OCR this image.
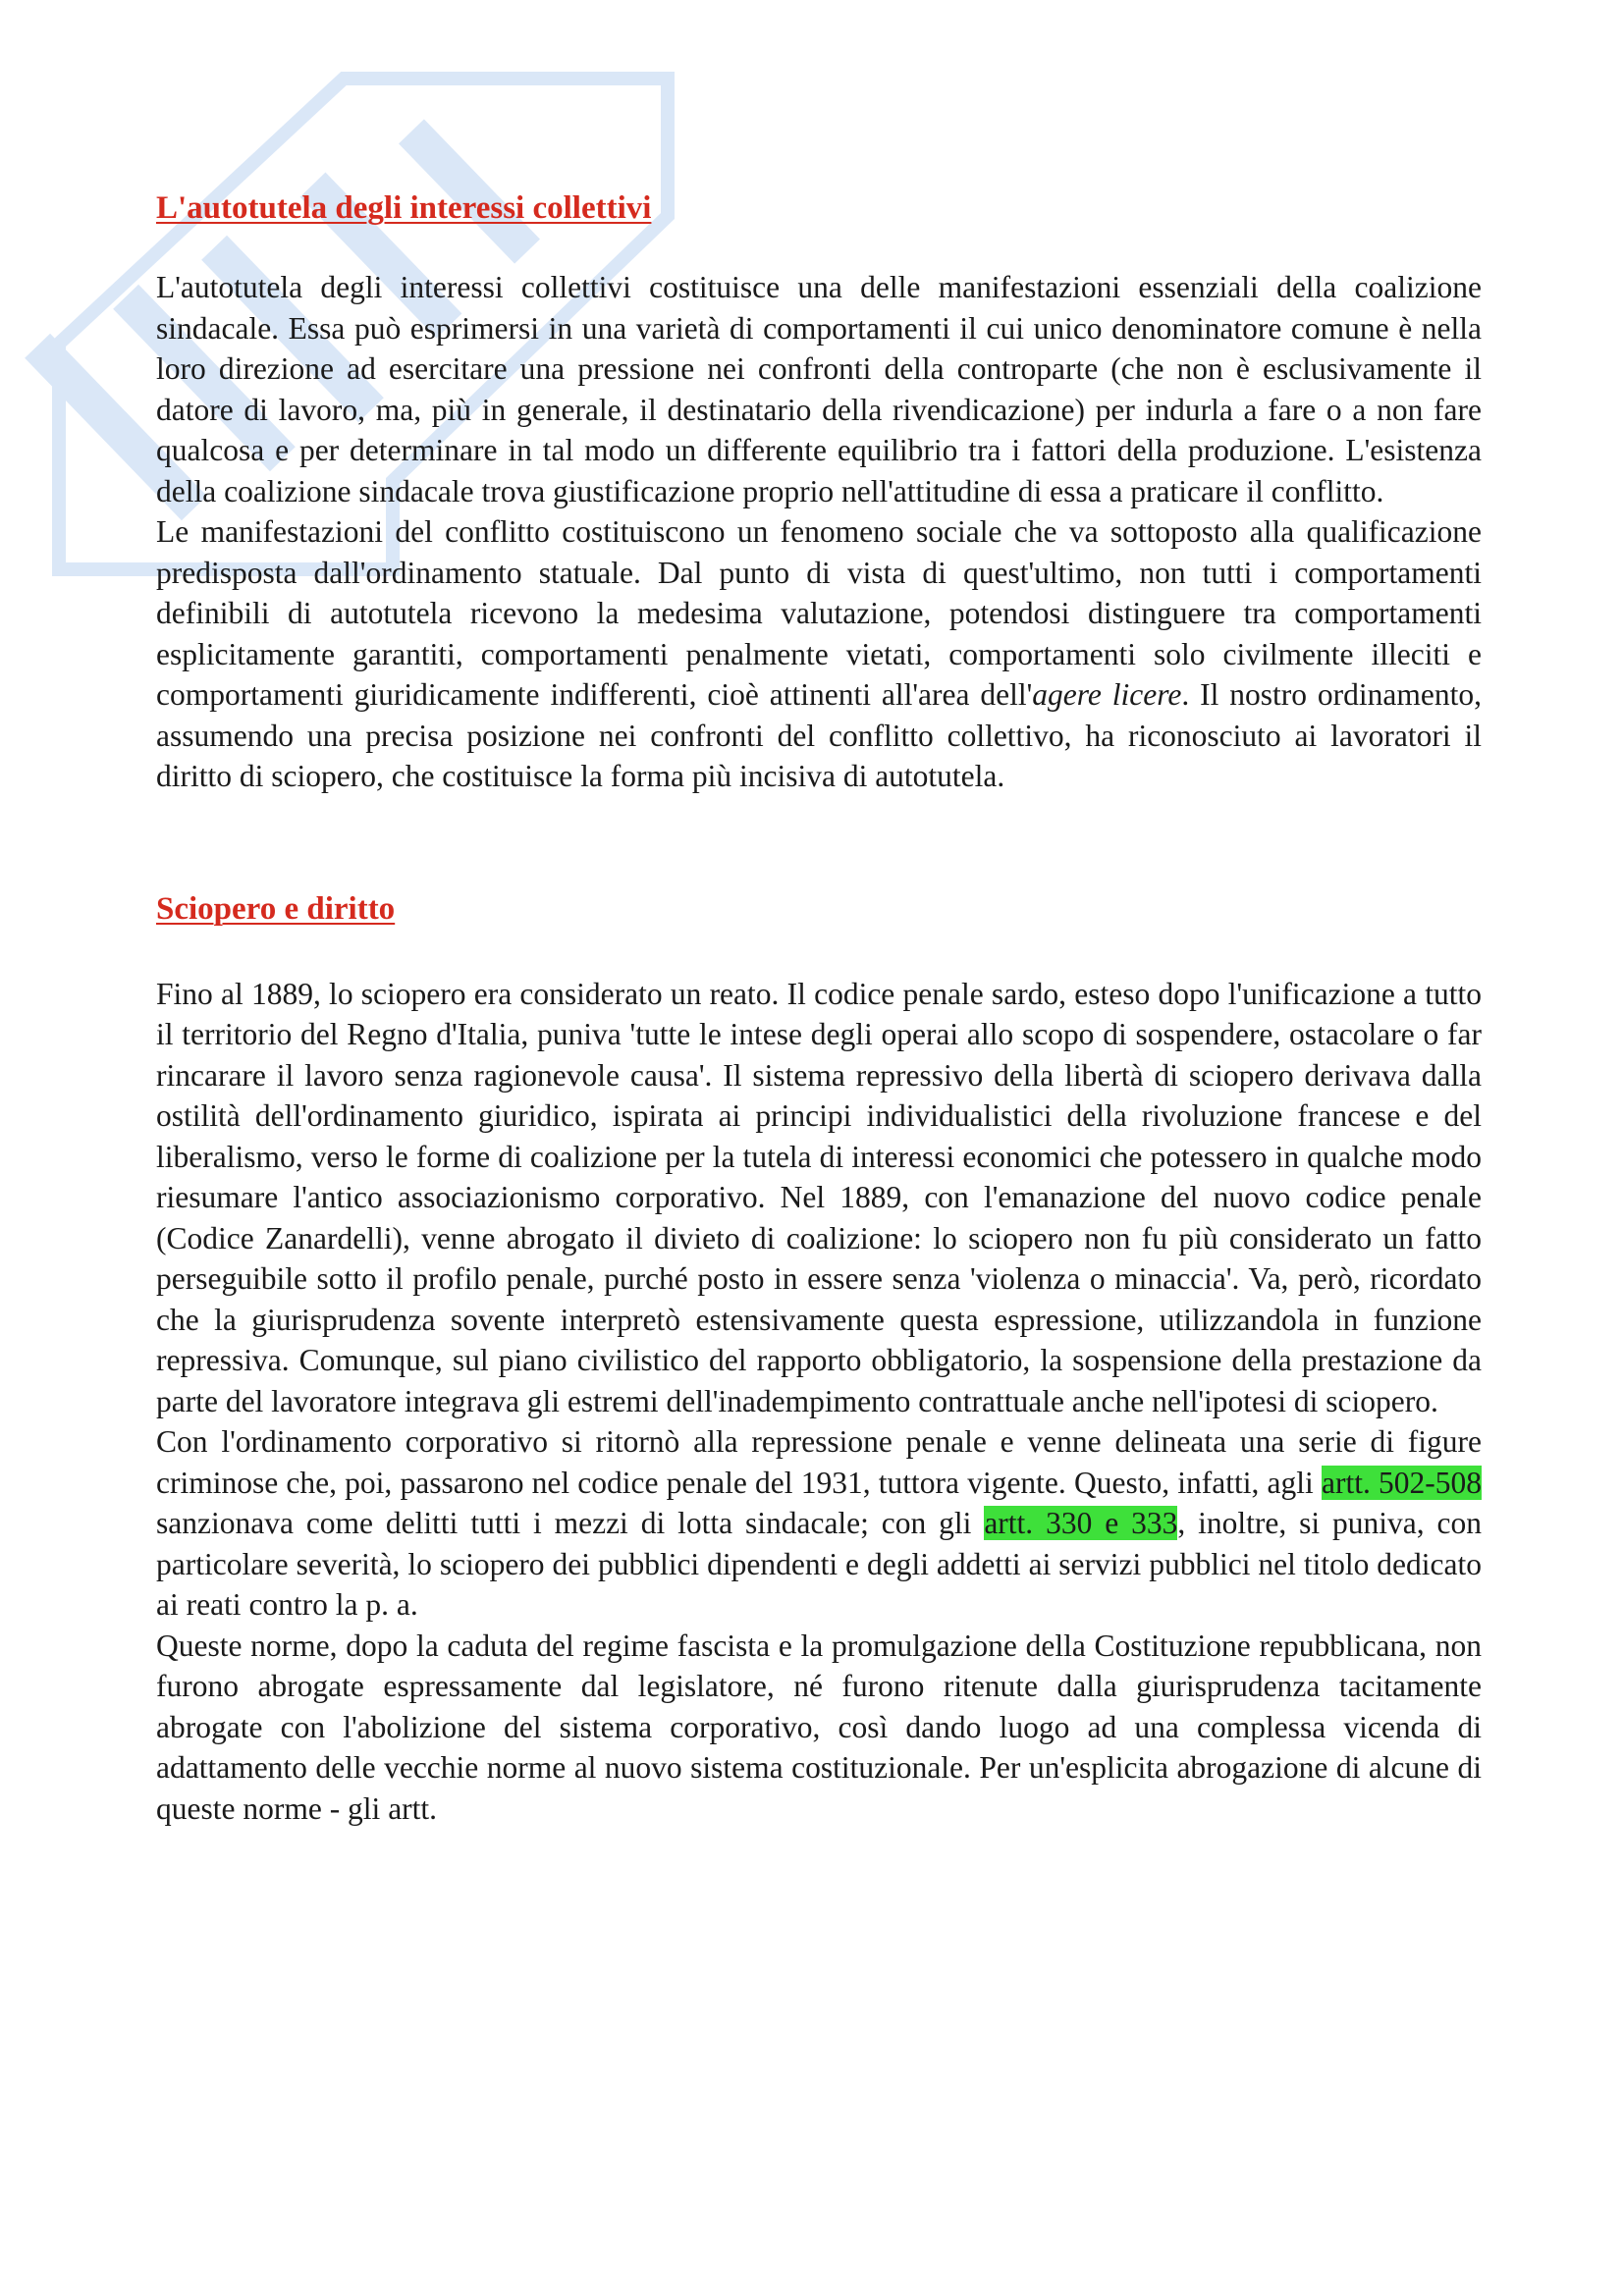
L'autotutela degli interessi collettivi

L'autotutela degli interessi collettivi costituisce una delle manifestazioni essenziali della coalizione sindacale. Essa può esprimersi in una varietà di comportamenti il cui unico denominatore comune è nella loro direzione ad esercitare una pressione nei confronti della controparte (che non è esclusivamente il datore di lavoro, ma, più in generale, il destinatario della rivendicazione) per indurla a fare o a non fare qualcosa e per determinare in tal modo un differente equilibrio tra i fattori della produzione. L'esistenza della coalizione sindacale trova giustificazione proprio nell'attitudine di essa a praticare il conflitto.

Le manifestazioni del conflitto costituiscono un fenomeno sociale che va sottoposto alla qualificazione predisposta dall'ordinamento statuale. Dal punto di vista di quest'ultimo, non tutti i comportamenti definibili di autotutela ricevono la medesima valutazione, potendosi distinguere tra comportamenti esplicitamente garantiti, comportamenti penalmente vietati, comportamenti solo civilmente illeciti e comportamenti giuridicamente indifferenti, cioè attinenti all'area dell'agere licere. Il nostro ordinamento, assumendo una precisa posizione nei confronti del conflitto collettivo, ha riconosciuto ai lavoratori il diritto di sciopero, che costituisce la forma più incisiva di autotutela.

Sciopero e diritto

Fino al 1889, lo sciopero era considerato un reato. Il codice penale sardo, esteso dopo l'unificazione a tutto il territorio del Regno d'Italia, puniva 'tutte le intese degli operai allo scopo di sospendere, ostacolare o far rincarare il lavoro senza ragionevole causa'. Il sistema repressivo della libertà di sciopero derivava dalla ostilità dell'ordinamento giuridico, ispirata ai principi individualistici della rivoluzione francese e del liberalismo, verso le forme di coalizione per la tutela di interessi economici che potessero in qualche modo riesumare l'antico associazionismo corporativo. Nel 1889, con l'emanazione del nuovo codice penale (Codice Zanardelli), venne abrogato il divieto di coalizione: lo sciopero non fu più considerato un fatto perseguibile sotto il profilo penale, purché posto in essere senza 'violenza o minaccia'. Va, però, ricordato che la giurisprudenza sovente interpretò estensivamente questa espressione, utilizzandola in funzione repressiva. Comunque, sul piano civilistico del rapporto obbligatorio, la sospensione della prestazione da parte del lavoratore integrava gli estremi dell'inadempimento contrattuale anche nell'ipotesi di sciopero.

Con l'ordinamento corporativo si ritornò alla repressione penale e venne delineata una serie di figure criminose che, poi, passarono nel codice penale del 1931, tuttora vigente. Questo, infatti, agli artt. 502-508 sanzionava come delitti tutti i mezzi di lotta sindacale; con gli artt. 330 e 333, inoltre, si puniva, con particolare severità, lo sciopero dei pubblici dipendenti e degli addetti ai servizi pubblici nel titolo dedicato ai reati contro la p. a.

Queste norme, dopo la caduta del regime fascista e la promulgazione della Costituzione repubblicana, non furono abrogate espressamente dal legislatore, né furono ritenute dalla giurisprudenza tacitamente abrogate con l'abolizione del sistema corporativo, così dando luogo ad una complessa vicenda di adattamento delle vecchie norme al nuovo sistema costituzionale. Per un'esplicita abrogazione di alcune di queste norme - gli artt.
